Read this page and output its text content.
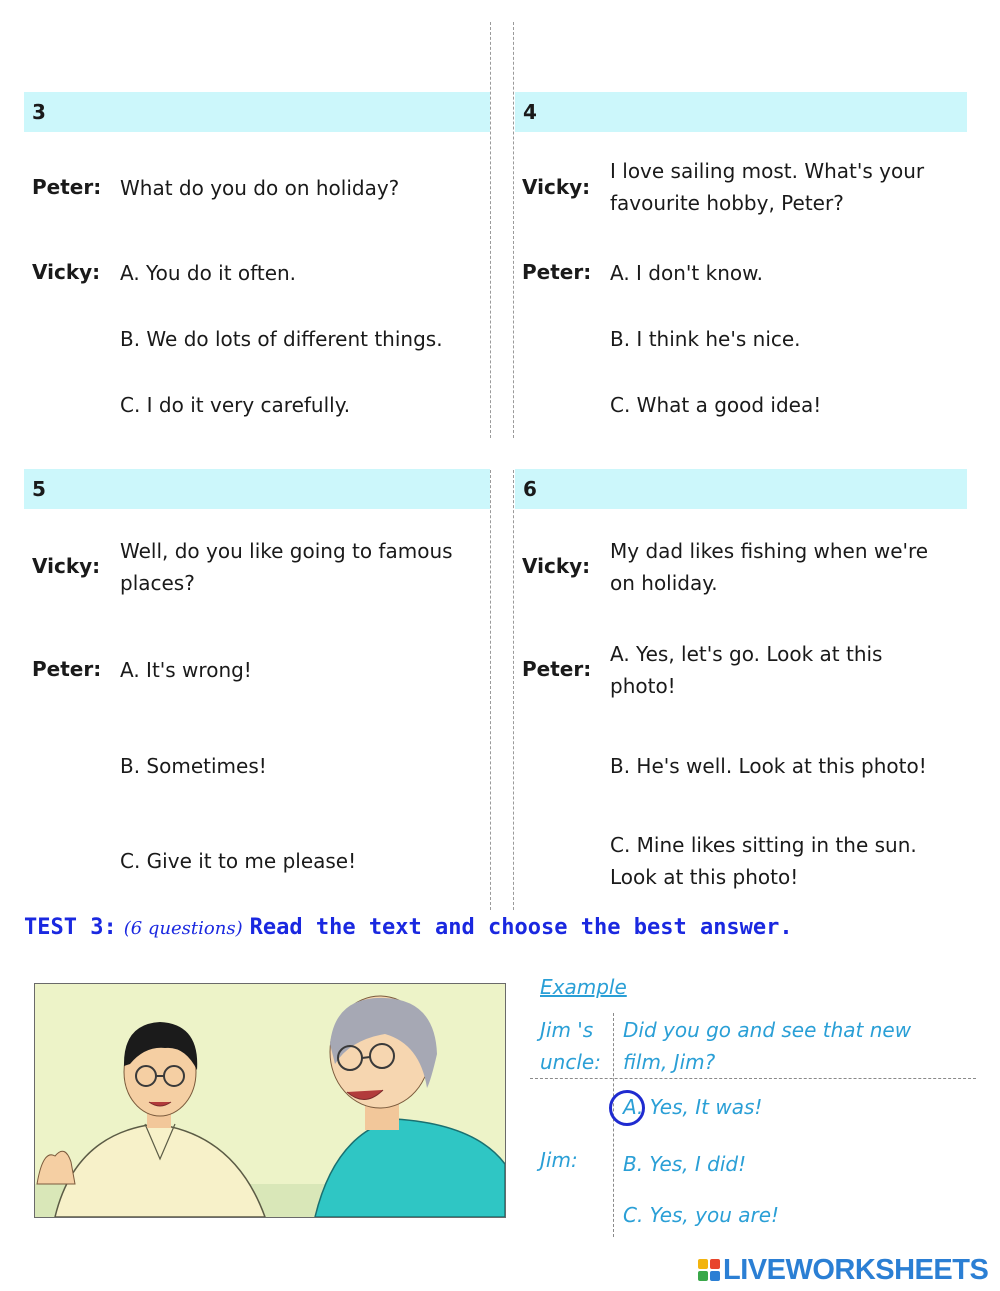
3
Peter: What do you do on holiday?
Vicky: A. You do it often.
B. We do lots of different things.
C. I do it very carefully.
4
Vicky:
I love sailing most. What's your
favourite hobby, Peter?
Peter: A. I don't know.
B. I think he's nice.
C. What a good idea!
5
Vicky:
Well, do you like going to famous
places?
Peter: A. It's wrong!
B. Sometimes!
C. Give it to me please!
6
Vicky:
My dad likes fishing when we're
on holiday.
Peter:
A. Yes, let's go. Look at this
photo!
B. He's well. Look at this photo!
C. Mine likes sitting in the sun.
Look at this photo!
TEST 3: (6 questions) Read the text and choose the best answer.
Example
Jim 's
uncle:
Did you go and see that new
film, Jim?
Jim:
A. Yes, It was!
B. Yes, I did!
C. Yes, you are!
LIVEWORKSHEETS
